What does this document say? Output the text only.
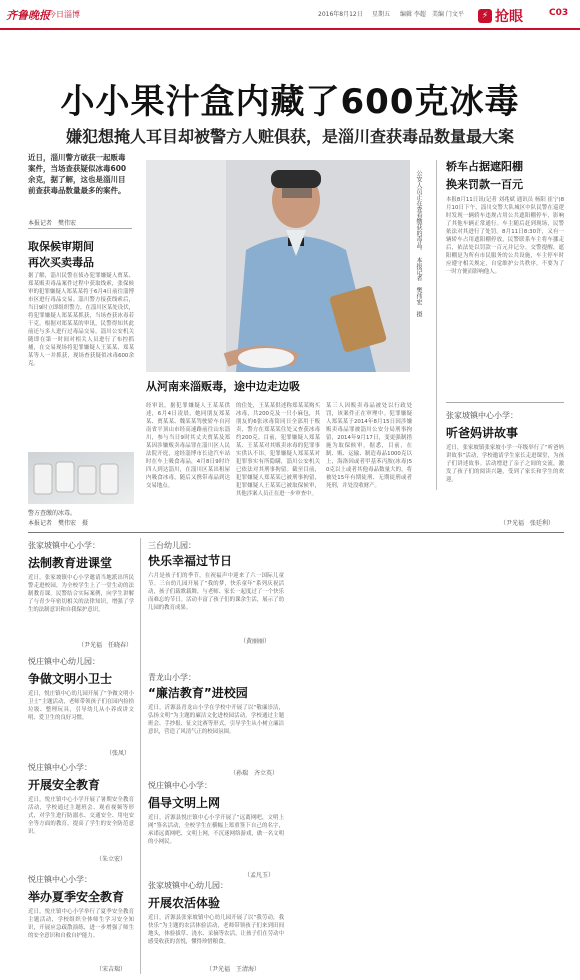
齐鲁晚报
今日淄博	2016年8月12日 星期五 编辑 李超 美编 门文平	⚡ 抢眼	C03
小小果汁盒内藏了600克冰毒
嫌犯想掩人耳目却被警方人赃俱获，是淄川查获毒品数量最大案
近日，淄川警方破获一起贩毒案件，当场查获疑似冰毒600余克，据了解，这也是淄川目前查获毒品数量最多的案件。
本报记者　樊伟宏
取保候审期间
再次买卖毒品
据了解，淄川民警在侦办犯罪嫌疑人贾某、郑某贩卖毒品案件过程中获取线索，张保候审的犯罪嫌疑人郑某某将于6月4日前往淄博市区进行毒品交易。淄川警方接获线索后，当日9时立即组织警力，在淄川区某处设伏，将犯罪嫌疑人郑某某抓获，当场查获冰毒若干克。根据对郑某某的审讯，民警得知其此前还与多人进行过毒品交易，淄川公安机关随即在第一时间对相关人员进行了布控抓捕，在交易现场将犯罪嫌疑人王某某、郑某某等人一并抓获，现场查获疑似冰毒600余克。
警方查缴的冰毒。
本报记者　樊伟宏　摄
公安人员正在查看缴获的毒品。　本报记者　樊伟宏　摄
从河南来淄贩毒，途中边走边吸
经审讯，据犯罪嫌疑人王某某供述，6月4日凌晨，她同朋友郑某某、贾某某、魏某某驾驶轿车自河南省平顶山市经高速路前往山东淄川，参与当日9时其丈夫贾某及郑某因涉嫌贩卖毒品罪在淄川区人民法院开庭，途经淄博市长途汽车站时在车上吸食毒品，4月8日9时许四人到达淄川，在淄川区某出租屋内吸食冰毒，随后又携带毒品到达交易地点。
的住处，王某某供述称郑某某购买冰毒，共200克及一只小麻包，其朋友的6张冰毒筒同日全部用于贩卖，警方在郑某某住处又查获冰毒约200克。目前，犯罪嫌疑人郑某某、王某某对其贩卖冰毒的犯罪事实供认不讳，犯罪嫌疑人郑某某对犯罪事实有所隐瞒，淄川公安机关已依法对其刑事拘留。截至目前，犯罪嫌疑人郑某某已被刑事拘留，犯罪嫌疑人王某某已被取保候审，其他涉案人员正在进一步审查中。
某三人因贩卖毒品被处以行政处罚，该案件正在审理中。犯罪嫌疑人郑某某于2014年8月15日因涉嫌贩卖毒品罪被淄川公安分局刑事拘留，2014年9月17日，变更强制措施为取保候审。据悉，目前，在制、贩、运输、制造毒品1000克以上，海洛因或者甲基苯丙胺(冰毒)50克以上或者其他毒品数量大的，将被处15年有期徒刑、无期徒刑或者死刑，并处没收财产。
轿车占据遮阳棚
换来罚款一百元
本报8月11日讯(记者 刘兆斌 通讯员 杨阳 崔宁)8月10日下午，淄川交警大队城区中队民警在巡逻时发现一辆轿车违规占用公共遮阳棚停车，影响了其他车辆正常通行。车主随后赶到现场，民警依法对其进行了处罚。8月11日8:30许，又有一辆轿车占用遮阳棚停放，民警联系车主将车挪走后，依法处以罚款一百元并记分。交警提醒，遮阳棚是为所有市民服务的公共设施，车主停车时应遵守相关规定，自觉维护公共秩序，不要为了一时方便而影响他人。
张家坡镇中心小学：
听爸妈讲故事
近日，张家坡镇张家坡小学一年级举行了“听爸妈讲故事”活动，学校邀请学生家长走进课堂，为孩子们讲述故事。活动增进了亲子之间的交流，激发了孩子们的阅读兴趣，受到了家长和学生的欢迎。
（尹光福　张廷利）
张家坡镇中心小学：
法制教育进课堂
近日，张家坡镇中心小学邀请当地派出所民警走进校园，为全校学生上了一堂生动的法制教育课。民警结合实际案例，向学生讲解了与青少年密切相关的法律知识，增强了学生的法制意识和自我保护意识。
（尹光福　任晓春）
悦庄镇中心幼儿园：
争做文明小卫士
近日，悦庄镇中心幼儿园开展了“争做文明小卫士”主题活动，老师带领孩子们在园内捡拾垃圾、整理玩具，引导幼儿从小养成讲文明、爱卫生的良好习惯。
（张凤）
悦庄镇中心小学：
开展安全教育
近日，悦庄镇中心小学开展了暑期安全教育活动，学校通过主题班会、观看视频等形式，对学生进行防溺水、交通安全、用电安全等方面的教育，提高了学生的安全防范意识。
（朱立宏）
悦庄镇中心小学：
举办夏季安全教育
近日，悦庄镇中心小学举行了夏季安全教育主题活动，学校组织全体师生学习安全知识，开展应急疏散演练，进一步增强了师生的安全意识和自救自护能力。
（宋吉瑞）
三台幼儿园：
快乐幸福过节日
六月是孩子们的季节，在祝福声中迎来了六一国际儿童节。三台幼儿园开展了“我的梦，快乐童年”系列庆祝活动，孩子们载歌载舞，与老师、家长一起度过了一个快乐而难忘的节日。活动丰富了孩子们的课余生活，展示了幼儿园的教育成果。
（黄丽丽）
青龙山小学：
“廉洁教育”进校园
近日，沂源县青龙山小学在学校中开展了以“敬廉崇洁，弘扬文明”为主题的廉洁文化进校园活动。学校通过主题班会、手抄报、征文比赛等形式，引导学生从小树立廉洁意识，营造了风清气正的校园氛围。
（孙瑞　齐立英）
悦庄镇中心小学：
倡导文明上网
近日，沂源县悦庄镇中心小学开展了“远离网吧，文明上网”签名活动，全校学生在横幅上郑重签下自己的名字，承诺远离网吧、文明上网，不沉迷网络游戏，做一名文明的小网民。
（孟凡玉）
张家坡镇中心幼儿园：
开展农活体验
近日，沂源县张家坡镇中心幼儿园开展了以“我劳动，我快乐”为主题的农活体验活动，老师带领孩子们来到田间地头，体验拔草、浇水、采摘等农活，让孩子们在劳动中感受收获的喜悦，懂得珍惜粮食。
（尹光福　王清海）
